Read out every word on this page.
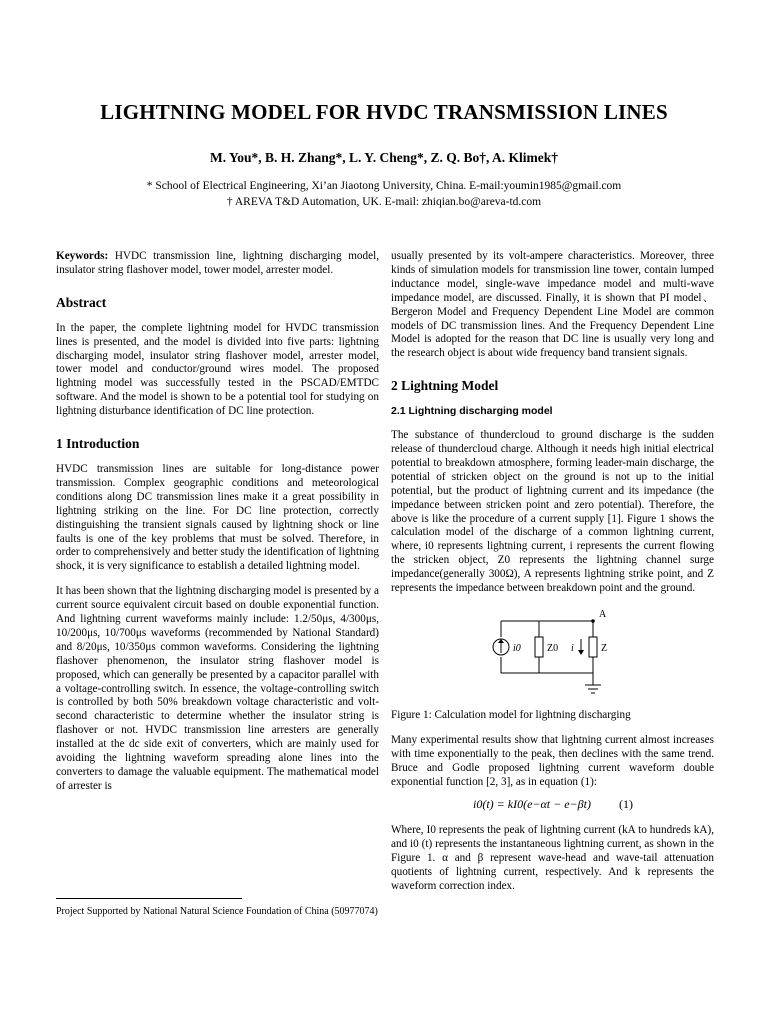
LIGHTNING MODEL FOR HVDC TRANSMISSION LINES
M. You*, B. H. Zhang*, L. Y. Cheng*, Z. Q. Bo†, A. Klimek†
* School of Electrical Engineering, Xi’an Jiaotong University, China. E-mail:youmin1985@gmail.com
† AREVA T&D Automation, UK. E-mail: zhiqian.bo@areva-td.com

Keywords: HVDC transmission line, lightning discharging model, insulator string flashover model, tower model, arrester model.

Abstract

In the paper, the complete lightning model for HVDC transmission lines is presented, and the model is divided into five parts: lightning discharging model, insulator string flashover model, arrester model, tower model and conductor/ground wires model. The proposed lightning model was successfully tested in the PSCAD/EMTDC software. And the model is shown to be a potential tool for studying on lightning disturbance identification of DC line protection.

1 Introduction

HVDC transmission lines are suitable for long-distance power transmission. Complex geographic conditions and meteorological conditions along DC transmission lines make it a great possibility in lightning striking on the line. For DC line protection, correctly distinguishing the transient signals caused by lightning shock or line faults is one of the key problems that must be solved. Therefore, in order to comprehensively and better study the identification of lightning shock, it is very significance to establish a detailed lightning model.

It has been shown that the lightning discharging model is presented by a current source equivalent circuit based on double exponential function. And lightning current waveforms mainly include: 1.2/50μs, 4/300μs, 10/200μs, 10/700μs waveforms (recommended by National Standard) and 8/20μs, 10/350μs common waveforms. Considering the lightning flashover phenomenon, the insulator string flashover model is proposed, which can generally be presented by a capacitor parallel with a voltage-controlling switch. In essence, the voltage-controlling switch is controlled by both 50% breakdown voltage characteristic and volt-second characteristic to determine whether the insulator string is flashover or not. HVDC transmission line arresters are generally installed at the dc side exit of converters, which are mainly used for avoiding the lightning waveform spreading alone lines into the converters to damage the valuable equipment. The mathematical model of arrester is

Project Supported by National Natural Science Foundation of China (50977074)

usually presented by its volt-ampere characteristics. Moreover, three kinds of simulation models for transmission line tower, contain lumped inductance model, single-wave impedance model and multi-wave impedance model, are discussed. Finally, it is shown that PI model、Bergeron Model and Frequency Dependent Line Model are common models of DC transmission lines. And the Frequency Dependent Line Model is adopted for the reason that DC line is usually very long and the research object is about wide frequency band transient signals.

2 Lightning Model
2.1 Lightning discharging model

The substance of thundercloud to ground discharge is the sudden release of thundercloud charge. Although it needs high initial electrical potential to breakdown atmosphere, forming leader-main discharge, the potential of stricken object on the ground is not up to the initial potential, but the product of lightning current and its impedance (the impedance between stricken point and zero potential). Therefore, the above is like the procedure of a current supply [1]. Figure 1 shows the calculation model of the discharge of a common lightning current, where, i0 represents lightning current, i represents the current flowing the stricken object, Z0 represents the lightning channel surge impedance(generally 300Ω), A represents lightning strike point, and Z represents the impedance between breakdown point and the ground.

A
i0	Z0 i	Z

Figure 1: Calculation model for lightning discharging

Many experimental results show that lightning current almost increases with time exponentially to the peak, then declines with the same trend. Bruce and Godle proposed lightning current waveform double exponential function [2, 3], as in equation (1):

i0(t) = kI0(e−αt − e−βt) (1)

Where, I0 represents the peak of lightning current (kA to hundreds kA), and i0 (t) represents the instantaneous lightning current, as shown in the Figure 1. α and β represent wave-head and wave-tail attenuation quotients of lightning current, respectively. And k represents the waveform correction index.
